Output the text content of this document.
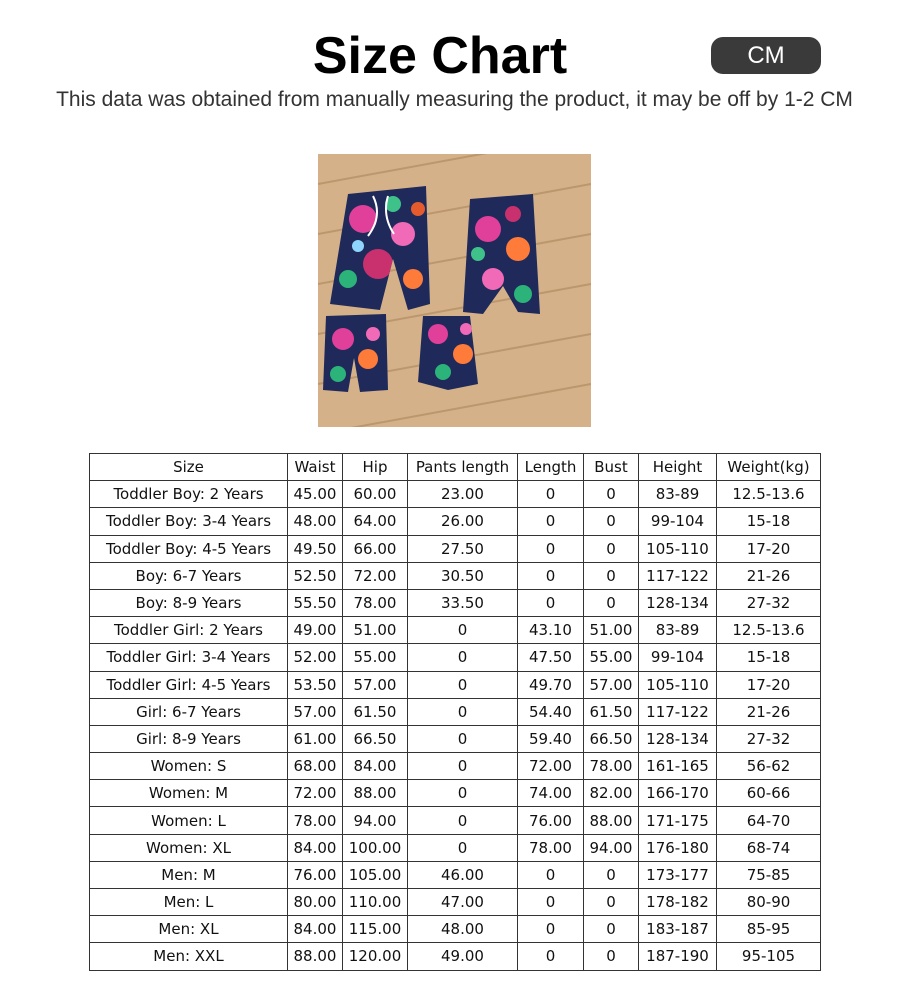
Size Chart	CM
This data was obtained from manually measuring the product, it may be off by 1-2 CM
Size	Waist	Hip	Pants length	Length	Bust	Height	Weight(kg)
Toddler Boy: 2 Years	45.00	60.00	23.00	0	0	83-89	12.5-13.6
Toddler Boy: 3-4 Years	48.00	64.00	26.00	0	0	99-104	15-18
Toddler Boy: 4-5 Years	49.50	66.00	27.50	0	0	105-110	17-20
Boy: 6-7 Years	52.50	72.00	30.50	0	0	117-122	21-26
Boy: 8-9 Years	55.50	78.00	33.50	0	0	128-134	27-32
Toddler Girl: 2 Years	49.00	51.00	0	43.10	51.00	83-89	12.5-13.6
Toddler Girl: 3-4 Years	52.00	55.00	0	47.50	55.00	99-104	15-18
Toddler Girl: 4-5 Years	53.50	57.00	0	49.70	57.00	105-110	17-20
Girl: 6-7 Years	57.00	61.50	0	54.40	61.50	117-122	21-26
Girl: 8-9 Years	61.00	66.50	0	59.40	66.50	128-134	27-32
Women: S	68.00	84.00	0	72.00	78.00	161-165	56-62
Women: M	72.00	88.00	0	74.00	82.00	166-170	60-66
Women: L	78.00	94.00	0	76.00	88.00	171-175	64-70
Women: XL	84.00	100.00	0	78.00	94.00	176-180	68-74
Men: M	76.00	105.00	46.00	0	0	173-177	75-85
Men: L	80.00	110.00	47.00	0	0	178-182	80-90
Men: XL	84.00	115.00	48.00	0	0	183-187	85-95
Men: XXL	88.00	120.00	49.00	0	0	187-190	95-105
